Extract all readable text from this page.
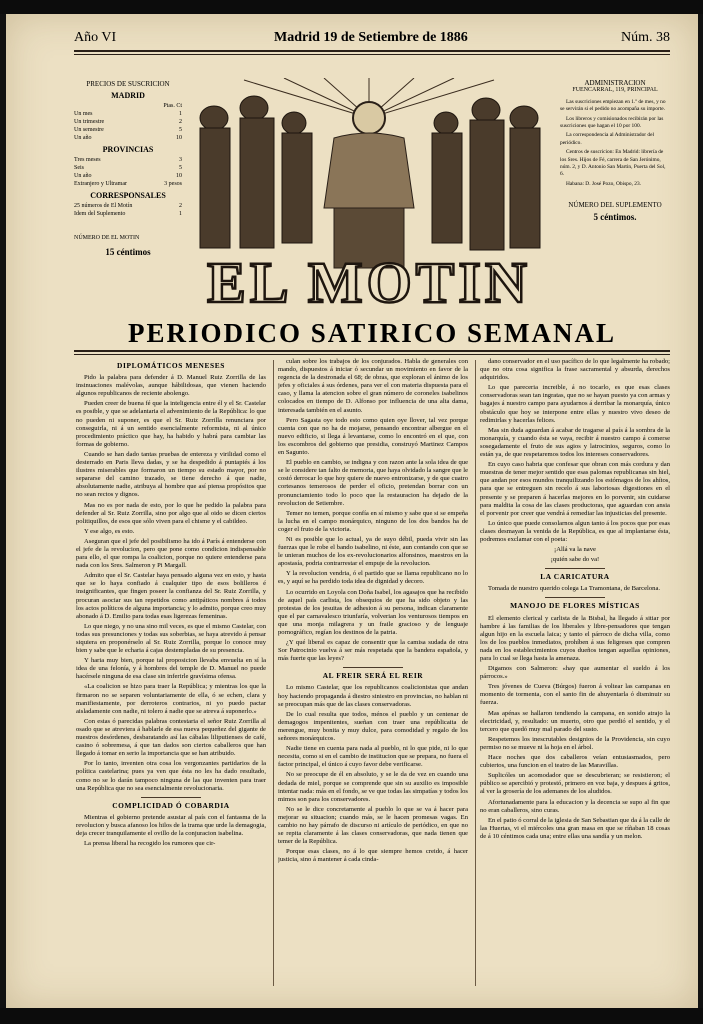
Año VI	Madrid 19 de Setiembre de 1886	Núm. 38
PRECIOS DE SUSCRICION
MADRID
Ptas. Ct
Un mes	1
Un trimestre	2
Un semestre	5
Un año	10
PROVINCIAS
Tres meses	3
Seis	5
Un año	10
Extranjero y Ultramar	3 pesos
CORRESPONSALES
25 números de El Motín	2
Idem del Suplemento	1
NÚMERO DE EL MOTIN
15 céntimos EL MOTIN
ADMINISTRACION
FUENCARRAL, 119, PRINCIPAL

Las suscriciones empiezan en 1.º de mes, y no se servirán si el pedido no acompaña su importe.

Los libreros y comisionados recibirán por las suscriciones que hagan el 10 por 100.

La correspondencia al Administrador del periódico.

Centros de suscricion: En Madrid: librería de los Sres. Hijos de Fé, carrera de San Jerónimo, núm. 2, y D. Antonio San Martin, Puerta del Sol, 6.

Habana: D. José Pozo, Obispo, 23.

NÚMERO DEL SUPLEMENTO
5 céntimos.
PERIODICO SATIRICO SEMANAL
DIPLOMÁTICOS MENESES

Pido la palabra para defender á D. Manuel Ruiz Zorrilla de las insinuaciones malévolas, aunque hábilidosas, que vienen haciendo algunos republicanos de reciente abolengo.

Pueden creer de buena fé que la inteligencia entre él y el Sr. Castelar es posible, y que se adelantaria el advenimiento de la República: lo que no pueden ni suponer, es que el Sr. Ruiz Zorrilla renunciara por conseguirla, ni á un sentido esencialmente reformista, ni al único procedimiento práctico que hay, ha habido y habrá para cambiar las formas de gobierno.

Cuando se han dado tantas pruebas de entereza y virilidad como el desterrado en Paris lleva dadas, y se ha despedido á puntapiés á los ilustres miserables que formaron un tiempo su estado mayor, por no separarse del camino trazado, se tiene derecho á que nadie, absolutamente nadie, atribuya al hombre que así piensa propósitos que no sean rectos y dignos.

Mas no es por nada de esto, por lo que he pedido la palabra para defender al Sr. Ruiz Zorrilla, sino por algo que al oido se dicen ciertos politiquillos, de esos que sólo viven para el chisme y el cabildeo.

Y ese algo, es esto.

Aseguran que el jefe del posibilismo ha ido á París á entenderse con el jefe de la revolucion, pero que pone como condicion indispensable para ello, el que rompa la coalicion, porque no quiere entenderse para nada con los Sres. Salmeron y Pi Margall.

Admito que el Sr. Castelar haya pensado alguna vez en esto, y hasta que se lo haya confiado á cualquier tipo de esos bolilleros é insignificantes, que fingen poseer la confianza del Sr. Ruiz Zorrilla, y procuran asociar sus tan repetidos como antipáticos nombres á todos los actos políticos de alguna importancia; y lo admito, porque creo muy abonado á D. Emilio para todas esas ligerezas femeninas.

Lo que niego, y no una sino mil veces, es que el mismo Castelar, con todas sus presunciones y todas sus soberbias, se haya atrevido á pensar siquiera en proponérselo al Sr. Ruiz Zorrilla, porque lo conoce muy bien y sabe que le echaria á cajas destempladas de su presencia.

Y haria muy bien, porque tal proposicion llevaba envuelta en sí la idea de una felonía, y á hombres del temple de D. Manuel no puede hacérsele ninguna de esa clase sin inferirle gravísima ofensa.

«La coalicion se hizo para traer la República; y mientras los que la firmaron no se separen voluntariamente de ella, ó se echen, clara y manifiestamente, por derroteros contrarios, ni yo puedo pactar aisladamente con nadie, ni tolero á nadie que se atreva á suponerlo.»

Con estas ó parecidas palabras contestaria el señor Ruiz Zorrilla al osado que se atreviera á hablarle de esa nueva pequeñez del gigante de nuestros desórdenes, desbaratando así las cábalas liliputienses de café, casino ó sobremesa, á que tan dados son ciertos caballeros que han llegado á tomar en serio la importancia que se han atribuido.

Por lo tanto, inventen otra cosa los vergonzantes partidarios de la política castelarina; pues ya ven que ésta no les ha dado resultado, como no se lo darán tampoco ninguna de las que inventen para traer una República que no sea esencialmente revolucionaria.

COMPLICIDAD Ó COBARDIA

Mientras el gobierno pretende asustar al país con el fantasma de la revolucion y busca afanoso los hilos de la trama que urde la demagogia, deja crecer tranquilamente el ovillo de la conjuracion isabelina.

La prensa liberal ha recogido los rumores que cir-

culan sobre los trabajos de los conjurados. Habla de generales con mando, dispuestos á iniciar ó secundar un movimiento en favor de la regencia de la destronada el 68; de obras, que exploran el ánimo de los jefes y oficiales á sus órdenes, para ver el con materia dispuesta para el caso, y llama la atencion sobre el gran número de coroneles isabelinos colocados en tiempo de D. Alfonso por influencia de una alta dama, interesada también en el asunto.

Pero Sagasta oye todo esto como quien oye llover, tal vez porque cuenta con que no ha de mojarse, pensando encontrar albergue en el nuevo edificio, si llega á levantarse, como lo encontró en el que, con los escombros del gobierno que presidia, construyó Martinez Campos en Sagunto.

El pueblo en cambio, se indigna y con razon ante la sola idea de que se le considere tan falto de memoria, que haya olvidado la sangre que le costó derrocar lo que hoy quiere de nuevo entronizarse, y de que cuatro cortesanos temerosos de perder el oficio, pretendan borrar con un pronunciamiento todo lo poco que la restauracion ha dejado de la revolucion de Setiembre.

Temer no temen, porque confía en sí mismo y sabe que si se empeña la lucha en el campo monárquico, ninguno de los dos bandos ha de coger el fruto de la victoria.

Ni es posible que lo actual, ya de suyo débil, pueda vivir sin las fuerzas que le robe el bando isabelino, ni éste, aun contando con que se le unieran muchos de los ex-revolucionarios alfonsinos, maestros en la apostasía, podria contrarrestar el empuje de la revolucion.

Y la revolucion vendria, ó el partido que se llama republicano no lo es, y aquí se ha perdido toda idea de dignidad y decoro.

Lo ocurrido en Loyola con Doña Isabel, los agasajos que ha recibido de aquel país carlista, los obsequios de que ha sido objeto y las protestas de los jesuitas de adhesion á su persona, indican claramente que el par carnavalesco triunfaría, volverian los venturosos tiempos en que una monja milagrera y un fraile gracioso y de lenguaje pornográfico, regían los destinos de la patria.

¿Y qué liberal es capaz de consentir que la camisa sudada de otra Sor Patrocinio vuelva á ser más respetada que la bandera española, y más fuerte que las leyes?

AL FREIR SERÁ EL REIR

Lo mismo Castelar, que los republicanos coalicionistas que andan hoy haciendo propaganda á diestro siniestro en provincias, no hablan ni se preocupan más que de las clases conservadoras.

De lo cual resulta que todos, ménos el pueblo y un centenar de demagogos impenitentes, sueñan con traer una repúblicaita de merengue, muy bonita y muy dulce, para comodidad y regalo de los señores monárquicos.

Nadie tiene en cuenta para nada al pueblo, ni lo que pide, ni lo que necesita, como si en el cambio de institucion que se prepara, no fuera el factor principal, el único á cuyo favor debe verificarse.

No se preocupe de él en absoluto, y se le da de vez en cuando una dedada de miel, porque se comprende que sin su auxilio es imposible intentar nada: más en el fondo, se ve que todas las simpatías y todos los mimos son para los conservadores.

No se le dice concretamente al pueblo lo que se va á hacer para mejorar su situacion; cuando más, se le hacen promesas vagas. En cambio no hay párrafo de discurso ni artículo de periódico, en que no se repita claramente á las clases conservadoras, que nada tienen que temer de la República.

Porque esas clases, no á lo que siempre hemos creido, á hacer justicia, sino á mantener á cada cinda-

dano conservador en el uso pacífico de lo que legalmente ha robado; que no otra cosa significa la frase sacramental y absurda, derechos adquiridos.

Lo que pareceria increible, á no tocarlo, es que esas clases conservadoras sean tan ingratas, que no se hayan puesto ya con armas y bagajes á nuestro campo para ayudarnos á derribar la monarquía, único obstáculo que hoy se interpone entre ellas y nuestro vivo deseo de redimirlas y hacerlas felices.

Mas sin duda aguardan á acabar de tragarse al país á la sombra de la monarquía, y cuando ésta se vaya, recibir á nuestro campo á comerse sosegadamente el fruto de sus agios y latrocinios, seguros, como lo están ya, de que respetaremos todos los intereses conservadores.

En cuyo caso habria que confesar que obran con más cordura y dan muestras de tener mejor sentido que esas palomas republicanas sin hiel, que andan por esos mundos tranquilizando los estómagos de los ahítos, para que se entreguen sin recelo á sus laboriosas digestiones en el presente y se preparen á hacerlas mejores en lo porvenir, sin cuidarse para maldita la cosa de las clases productoras, que aguardan con ansia el porvenir por creer que vendrá á remediar las injusticias del presente.

Lo único que puede consolarnos algun tanto á los pocos que por esas clases desmayan la venida de la República, es que al implantarse ésta, podremos exclamar con el poeta:

¡Allá va la nave

¡quién sabe do va!

LA CARICATURA

Tomada de nuestro querido colega La Tramontana, de Barcelona.

MANOJO DE FLORES MÍSTICAS

El elemento clerical y carlista de la Bisbal, ha llegado á sitiar por hambre á las familias de los liberales y libre-pensadores que tengan algun hijo en la escuela laica; y tanto el párroco de dicha villa, como los de los pueblos inmediatos, prohíben á sus feligreses que compren nada en los establecimientos cuyos dueños tengan aquellas opiniones, para lo cual se llega hasta la amenaza.

Digamos con Salmeron: «hay que aumentar el sueldo á los párrocos.»

Tres jóvenes de Cueva (Búrgos) fueron á voltear las campanas en momento de tormenta, con el santo fin de ahuyentarla ó disminuir su fuerza.

Mas apénas se hallaron tendiendo la campana, en sonido atrajo la electricidad, y, resultado: un muerto, otro que perdió el sentido, y el tercero que quedó muy mal parado del susto.

Respetemos los inescrutables designios de la Providencia, sin cuyo permiso no se mueve ni la hoja en el árbol.

Hace noches que dos caballeros veían entusiasmados, pero cubiertos, una funcion en el teatro de las Maravillas.

Suplicóles un acomodador que se descubrieran; se resistieron; el público se apercibió y protestó, primero en voz baja, y despues á gritos, al ver la grosería de los ademanes de los aludidos.

Afortunadamente para la educacion y la decencia se supo al fin que no eran caballeros, sino curas.

En el patio ó corral de la iglesia de San Sebastian que da á la calle de las Huertas, vi el miércoles una gran masa en que se ríñaban 18 cosas de á 10 céntimos cada una; entre ellas una sandía y un melon.
